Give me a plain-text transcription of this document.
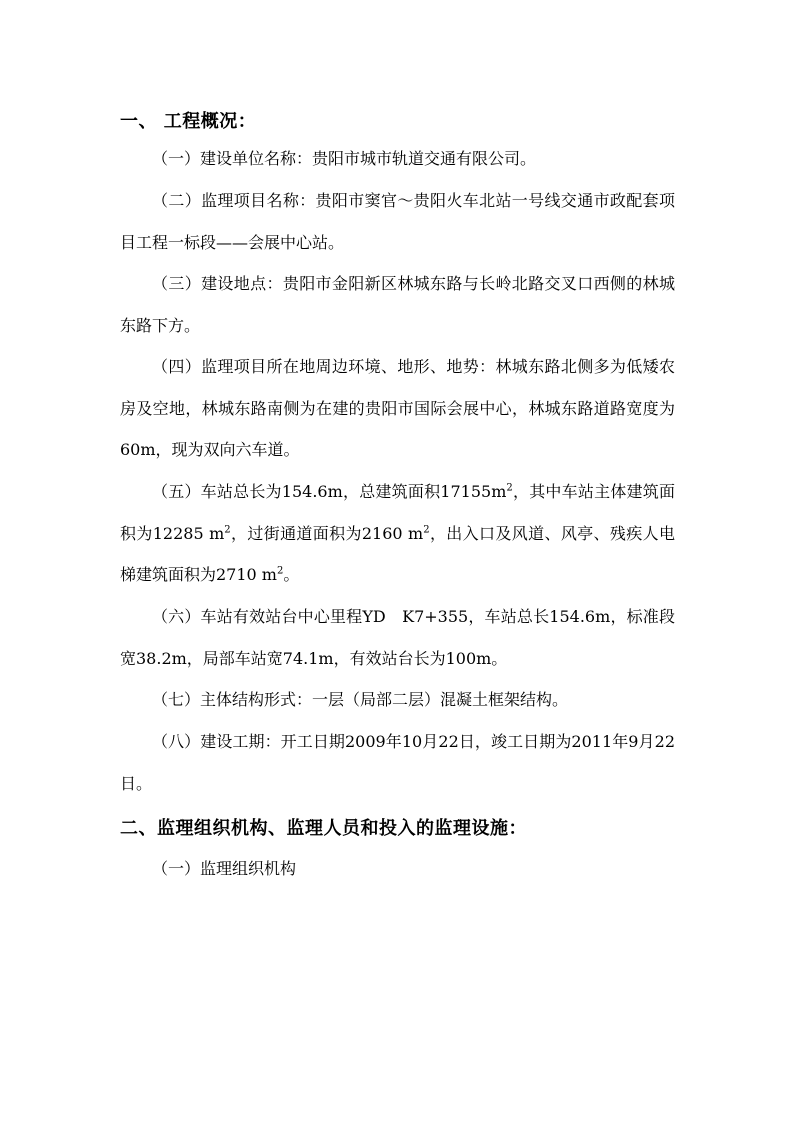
一、 工程概况：
（一）建设单位名称：贵阳市城市轨道交通有限公司。
（二）监理项目名称：贵阳市窦官～贵阳火车北站一号线交通市政配套项目工程一标段——会展中心站。
（三）建设地点：贵阳市金阳新区林城东路与长岭北路交叉口西侧的林城东路下方。
（四）监理项目所在地周边环境、地形、地势：林城东路北侧多为低矮农房及空地，林城东路南侧为在建的贵阳市国际会展中心，林城东路道路宽度为60m，现为双向六车道。
（五）车站总长为154.6m，总建筑面积$17155m^2$，其中车站主体建筑面积为12285 $m^2$，过街通道面积为2160 $m^2$，出入口及风道、风亭、残疾人电梯建筑面积为2710 $m^2$。
（六）车站有效站台中心里程YD　K7+355，车站总长154.6m，标准段宽38.2m，局部车站宽74.1m，有效站台长为100m。
（七）主体结构形式：一层（局部二层）混凝土框架结构。
（八）建设工期：开工日期2009年10月22日，竣工日期为2011年9月22日。
二、监理组织机构、监理人员和投入的监理设施：
（一）监理组织机构
